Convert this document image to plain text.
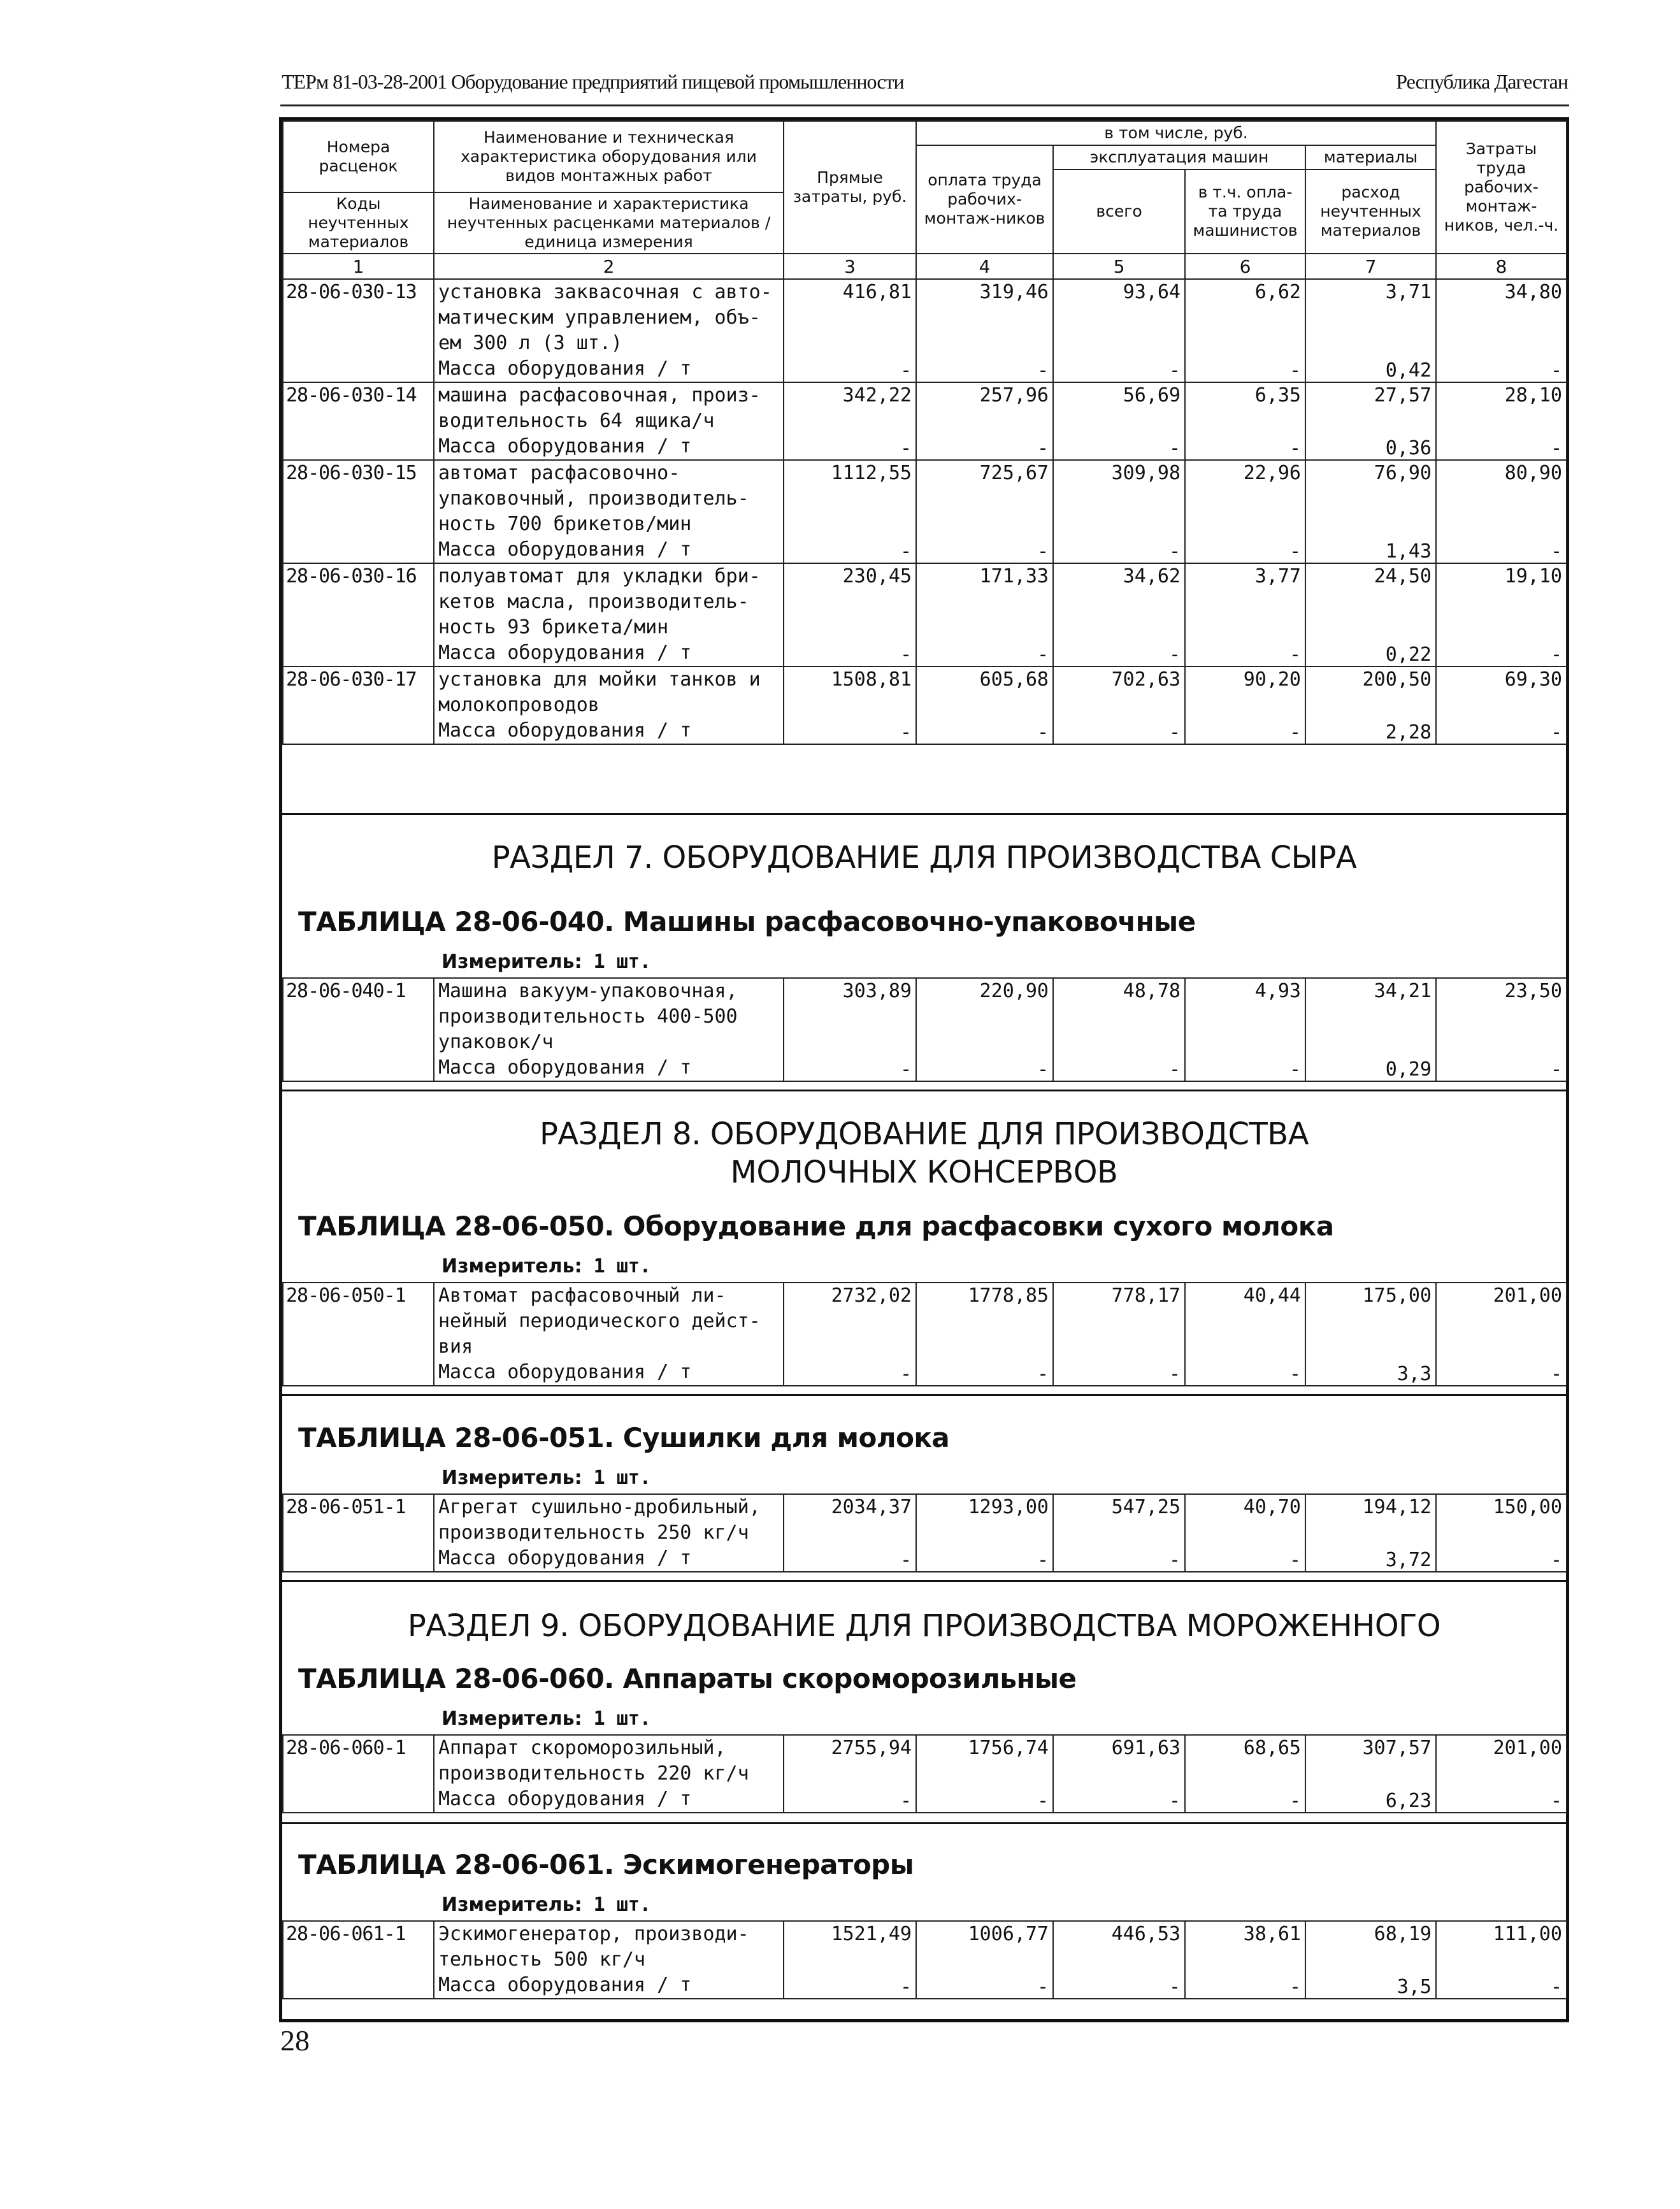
ТЕРм 81-03-28-2001 Оборудование предприятий пищевой промышленности	Республика Дагестан
Номера расценок	Наименование и техническая характеристика оборудования или видов монтажных работ	Прямые затраты, руб.	в том числе, руб.				Затраты труда рабочих-монтаж-ников, чел.-ч.
			оплата труда рабочих-монтаж-ников	эксплуатация машин		материалы	
				всего	в т.ч. опла-та труда машинистов	расход неучтенных материалов	
Коды неучтенных материалов	Наименование и характеристика неучтенных расценками материалов / единица измерения						

1	2	3	4	5	6	7	8
28-06-030-13	установка заквасочная с авто-
матическим управлением, объ-
ем 300 л (3 шт.)	416,81	319,46	93,64	6,62	3,71	34,80
	Масса оборудования / т	-	-	-	-	0,42	-
28-06-030-14	машина расфасовочная, произ-
водительность 64 ящика/ч	342,22	257,96	56,69	6,35	27,57	28,10
	Масса оборудования / т	-	-	-	-	0,36	-
28-06-030-15	автомат расфасовочно-
упаковочный, производитель-
ность 700 брикетов/мин	1112,55	725,67	309,98	22,96	76,90	80,90
	Масса оборудования / т	-	-	-	-	1,43	-
28-06-030-16	полуавтомат для укладки бри-
кетов масла, производитель-
ность 93 брикета/мин	230,45	171,33	34,62	3,77	24,50	19,10
	Масса оборудования / т	-	-	-	-	0,22	-
28-06-030-17	установка для мойки танков и
молокопроводов	1508,81	605,68	702,63	90,20	200,50	69,30
	Масса оборудования / т	-	-	-	-	2,28	-
РАЗДЕЛ 7. ОБОРУДОВАНИЕ ДЛЯ ПРОИЗВОДСТВА СЫРА
ТАБЛИЦА 28-06-040. Машины расфасовочно-упаковочные
Измеритель: 1 шт.
28-06-040-1	Машина вакуум-упаковочная,
производительность 400-500
упаковок/ч	303,89	220,90	48,78	4,93	34,21	23,50
	Масса оборудования / т	-	-	-	-	0,29	-
РАЗДЕЛ 8. ОБОРУДОВАНИЕ ДЛЯ ПРОИЗВОДСТВА
МОЛОЧНЫХ КОНСЕРВОВ
ТАБЛИЦА 28-06-050. Оборудование для расфасовки сухого молока
Измеритель: 1 шт.
28-06-050-1	Автомат расфасовочный ли-
нейный периодического дейст-
вия	2732,02	1778,85	778,17	40,44	175,00	201,00
	Масса оборудования / т	-	-	-	-	3,3	-
ТАБЛИЦА 28-06-051. Сушилки для молока
Измеритель: 1 шт.
28-06-051-1	Агрегат сушильно-дробильный,
производительность 250 кг/ч	2034,37	1293,00	547,25	40,70	194,12	150,00
	Масса оборудования / т	-	-	-	-	3,72	-
РАЗДЕЛ 9. ОБОРУДОВАНИЕ ДЛЯ ПРОИЗВОДСТВА МОРОЖЕННОГО
ТАБЛИЦА 28-06-060. Аппараты скороморозильные
Измеритель: 1 шт.
28-06-060-1	Аппарат скороморозильный,
производительность 220 кг/ч	2755,94	1756,74	691,63	68,65	307,57	201,00
	Масса оборудования / т	-	-	-	-	6,23	-
ТАБЛИЦА 28-06-061. Эскимогенераторы
Измеритель: 1 шт.
28-06-061-1	Эскимогенератор, производи-
тельность 500 кг/ч	1521,49	1006,77	446,53	38,61	68,19	111,00
	Масса оборудования / т	-	-	-	-	3,5	-
28
